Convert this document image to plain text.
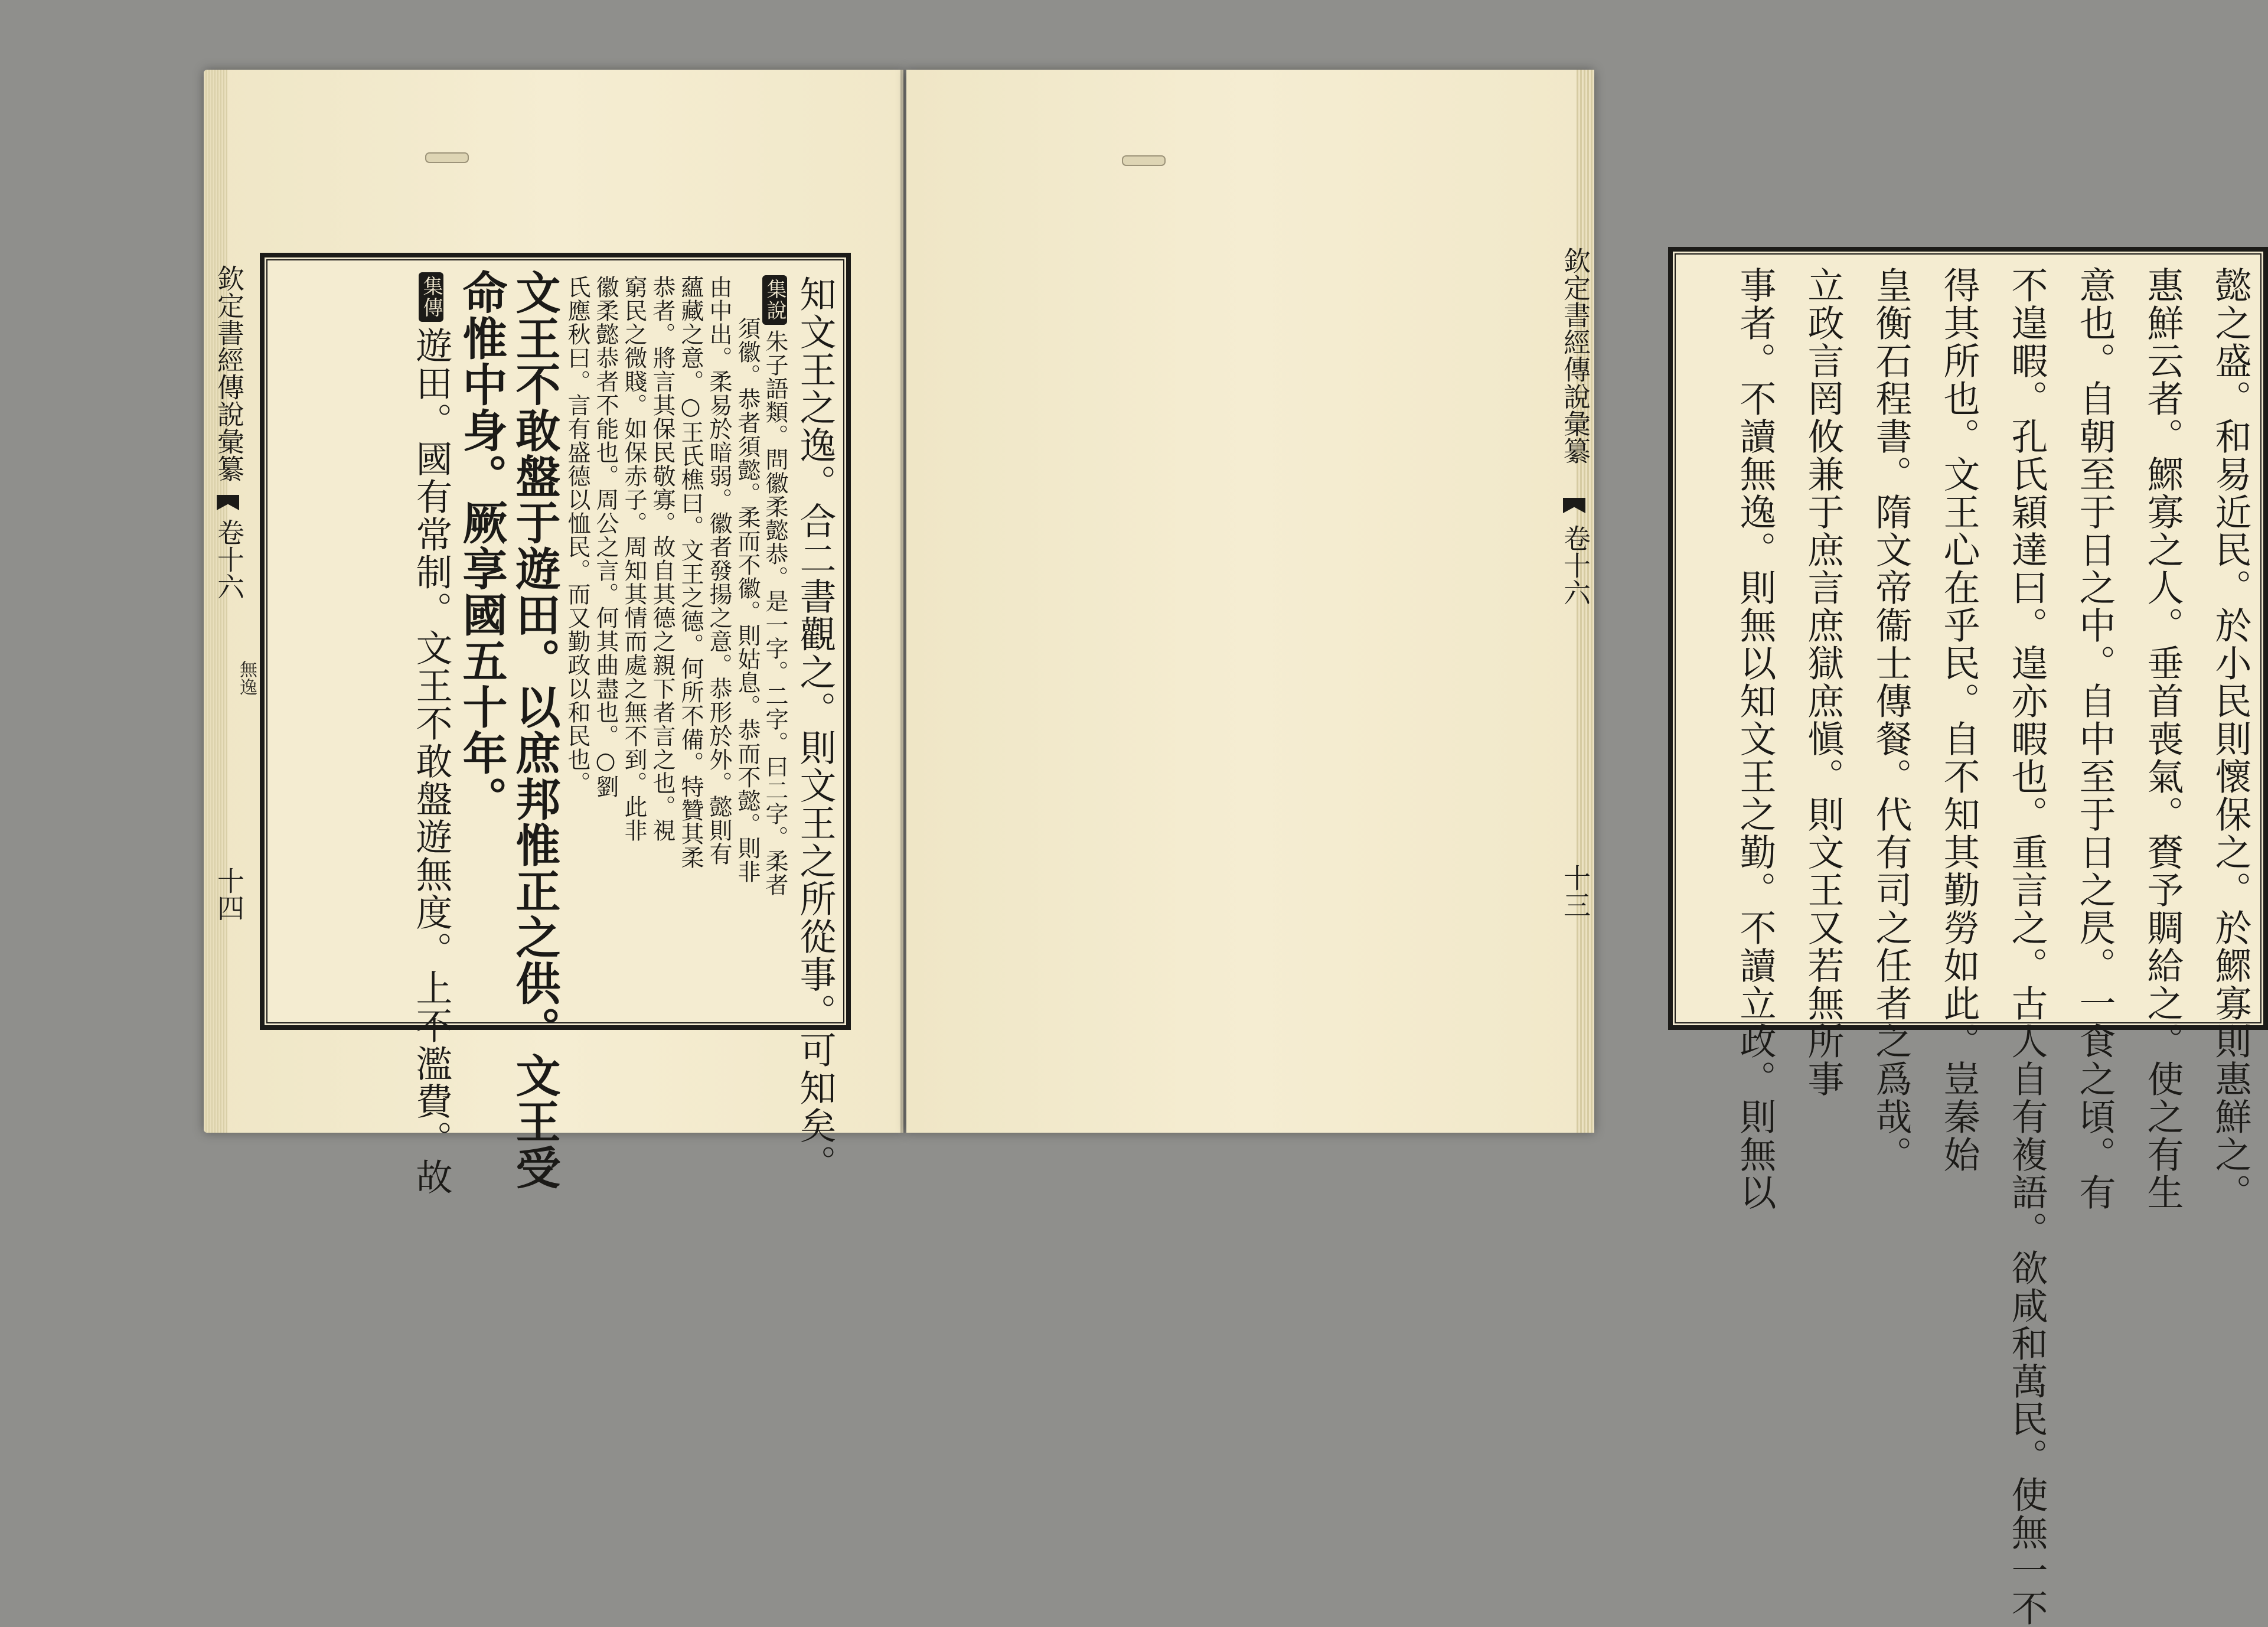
欽定書經傳說彙纂
卷十六
無逸
十四	知文王之逸。合二書觀之。則文王之所從事。可知矣。
集說朱子語類。問徽柔懿恭。是一字。二字。曰二字。柔者
須徽。恭者須懿。柔而不徽。則姑息。恭而不懿。則非
由中出。柔易於暗弱。徽者發揚之意。恭形於外。懿則有
蘊藏之意。○王氏樵曰。文王之德。何所不備。特贊其柔
恭者。將言其保民敬寡。故自其德之親下者言之也。視
窮民之微賤。如保赤子。周知其情而處之無不到。此非
徽柔懿恭者不能也。周公之言。何其曲盡也。○劉
氏應秋曰。言有盛德以恤民。而又勤政以和民也。
文王不敢盤于遊田。以庶邦惟正之供。文王受
命惟中身。厥享國五十年。
集傳遊田。國有常制。文王不敢盤遊無度。上不濫費。故	懿之盛。和易近民。於小民則懷保之。於鰥寡則惠鮮之。
惠鮮云者。鰥寡之人。垂首喪氣。賚予賙給之。使之有生
意也。自朝至于日之中。自中至于日之昃。一食之頃。有
不遑暇。孔氏穎達曰。遑亦暇也。重言之。古人自有複語。欲咸和萬民。使無一不
得其所也。文王心在乎民。自不知其勤勞如此。豈秦始
皇衡石程書。隋文帝衞士傳餐。代有司之任者之爲哉。
立政言罔攸兼于庶言庶獄庶愼。則文王又若無所事
事者。不讀無逸。則無以知文王之勤。不讀立政。則無以
欽定書經傳說彙纂
卷十六
十三
